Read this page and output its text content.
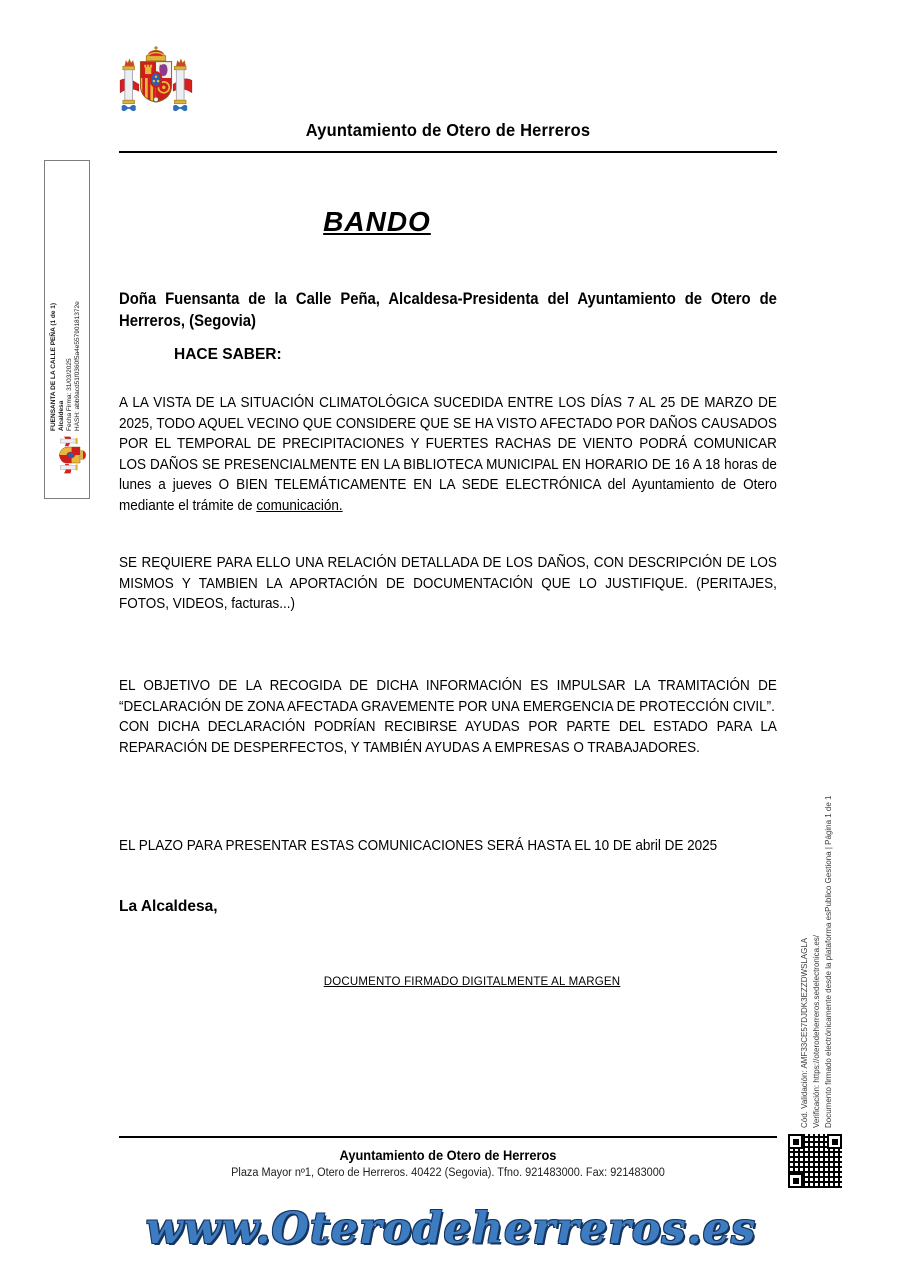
Ayuntamiento de Otero de Herreros
FUENSANTA DE LA CALLE PEÑA (1 de 1) Alcaldesa Fecha Firma: 31/03/2025 HASH: abb9acd51f0360f5a4e55790181372e
BANDO

Doña Fuensanta de la Calle Peña, Alcaldesa-Presidenta del Ayuntamiento de Otero de Herreros, (Segovia)

HACE SABER:

A LA VISTA DE LA SITUACIÓN CLIMATOLÓGICA SUCEDIDA ENTRE LOS DÍAS 7 AL 25 DE MARZO DE 2025, TODO AQUEL VECINO QUE CONSIDERE QUE SE HA VISTO AFECTADO POR DAÑOS CAUSADOS POR EL TEMPORAL DE PRECIPITACIONES Y FUERTES RACHAS DE VIENTO PODRÁ COMUNICAR LOS DAÑOS SE PRESENCIALMENTE EN LA BIBLIOTECA MUNICIPAL EN HORARIO DE 16 A 18 horas de lunes a jueves O BIEN TELEMÁTICAMENTE EN LA SEDE ELECTRÓNICA del Ayuntamiento de Otero mediante el trámite de comunicación.

SE REQUIERE PARA ELLO UNA RELACIÓN DETALLADA DE LOS DAÑOS, CON DESCRIPCIÓN DE LOS MISMOS Y TAMBIEN LA APORTACIÓN DE DOCUMENTACIÓN QUE LO JUSTIFIQUE. (PERITAJES, FOTOS, VIDEOS, facturas...)

EL OBJETIVO DE LA RECOGIDA DE DICHA INFORMACIÓN ES IMPULSAR LA TRAMITACIÓN DE “DECLARACIÓN DE ZONA AFECTADA GRAVEMENTE POR UNA EMERGENCIA DE PROTECCIÓN CIVIL”.
CON DICHA DECLARACIÓN PODRÍAN RECIBIRSE AYUDAS POR PARTE DEL ESTADO PARA LA REPARACIÓN DE DESPERFECTOS, Y TAMBIÉN AYUDAS A EMPRESAS O TRABAJADORES.

EL PLAZO PARA PRESENTAR ESTAS COMUNICACIONES SERÁ HASTA EL 10 DE abril DE 2025

La Alcaldesa,

DOCUMENTO FIRMADO DIGITALMENTE AL MARGEN	Cód. Validación: AMF33CE57DJDK3EZZDWSLAGLA Verificación: https://oterodeherreros.sedelectronica.es/ Documento firmado electrónicamente desde la plataforma esPublico Gestiona | Página 1 de 1

Ayuntamiento de Otero de Herreros

Plaza Mayor nº1, Otero de Herreros. 40422 (Segovia). Tfno. 921483000. Fax: 921483000

www.Oterodeherreros.es
